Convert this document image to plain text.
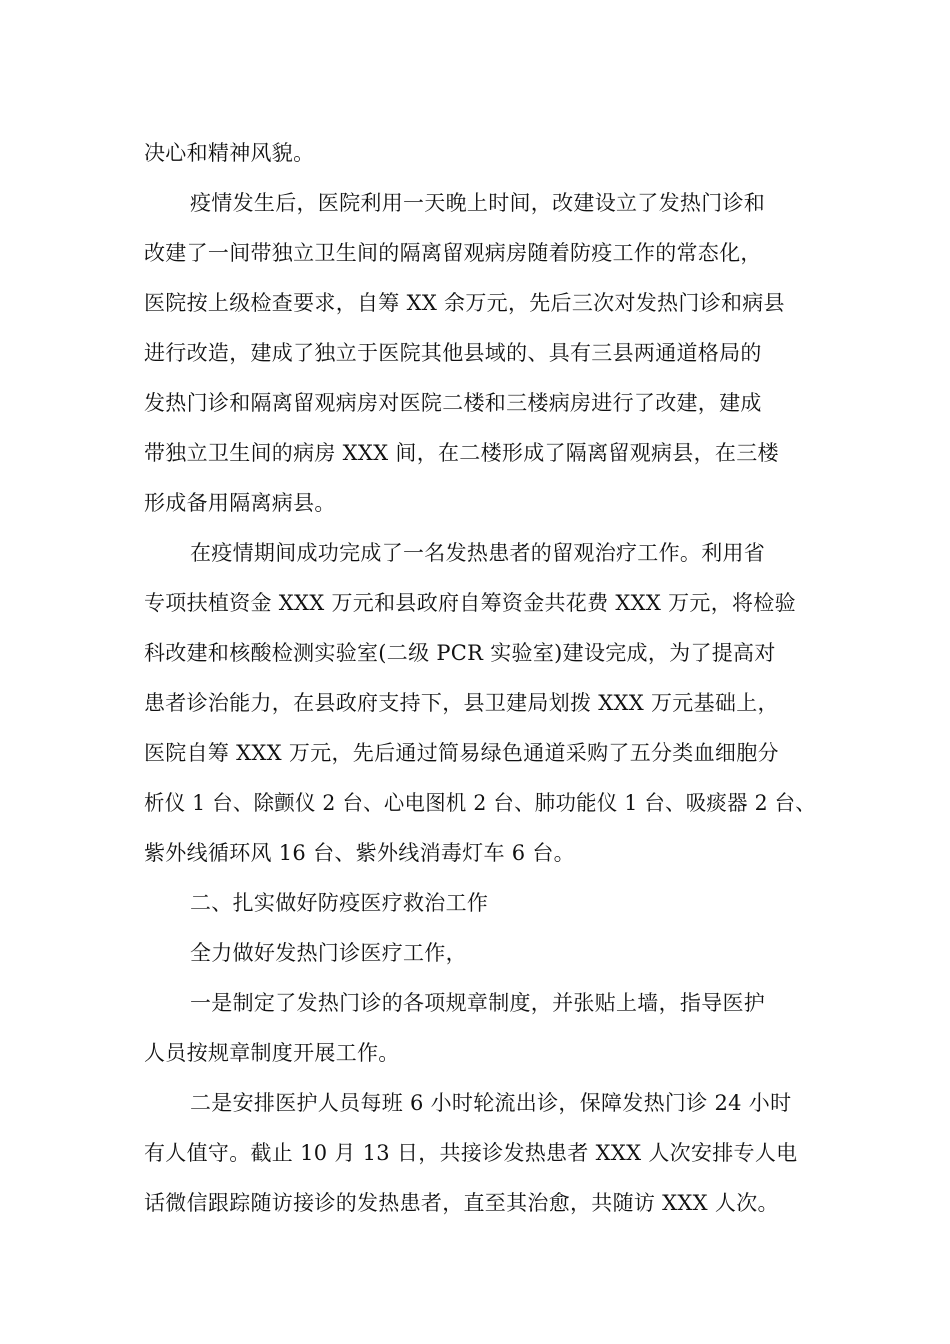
决心和精神风貌。
疫情发生后，医院利用一天晚上时间，改建设立了发热门诊和
改建了一间带独立卫生间的隔离留观病房随着防疫工作的常态化，
医院按上级检查要求，自筹 XX 余万元，先后三次对发热门诊和病县
进行改造，建成了独立于医院其他县域的、具有三县两通道格局的
发热门诊和隔离留观病房对医院二楼和三楼病房进行了改建，建成
带独立卫生间的病房 XXX 间，在二楼形成了隔离留观病县，在三楼
形成备用隔离病县。
在疫情期间成功完成了一名发热患者的留观治疗工作。利用省
专项扶植资金 XXX 万元和县政府自筹资金共花费 XXX 万元，将检验
科改建和核酸检测实验室(二级 PCR 实验室)建设完成，为了提高对
患者诊治能力，在县政府支持下，县卫建局划拨 XXX 万元基础上，
医院自筹 XXX 万元，先后通过简易绿色通道采购了五分类血细胞分
析仪 1 台、除颤仪 2 台、心电图机 2 台、肺功能仪 1 台、吸痰器 2 台、
紫外线循环风 16 台、紫外线消毒灯车 6 台。
二、扎实做好防疫医疗救治工作
全力做好发热门诊医疗工作，
一是制定了发热门诊的各项规章制度，并张贴上墙，指导医护
人员按规章制度开展工作。
二是安排医护人员每班 6 小时轮流出诊，保障发热门诊 24 小时
有人值守。截止 10 月 13 日，共接诊发热患者 XXX 人次安排专人电
话微信跟踪随访接诊的发热患者，直至其治愈，共随访 XXX 人次。
